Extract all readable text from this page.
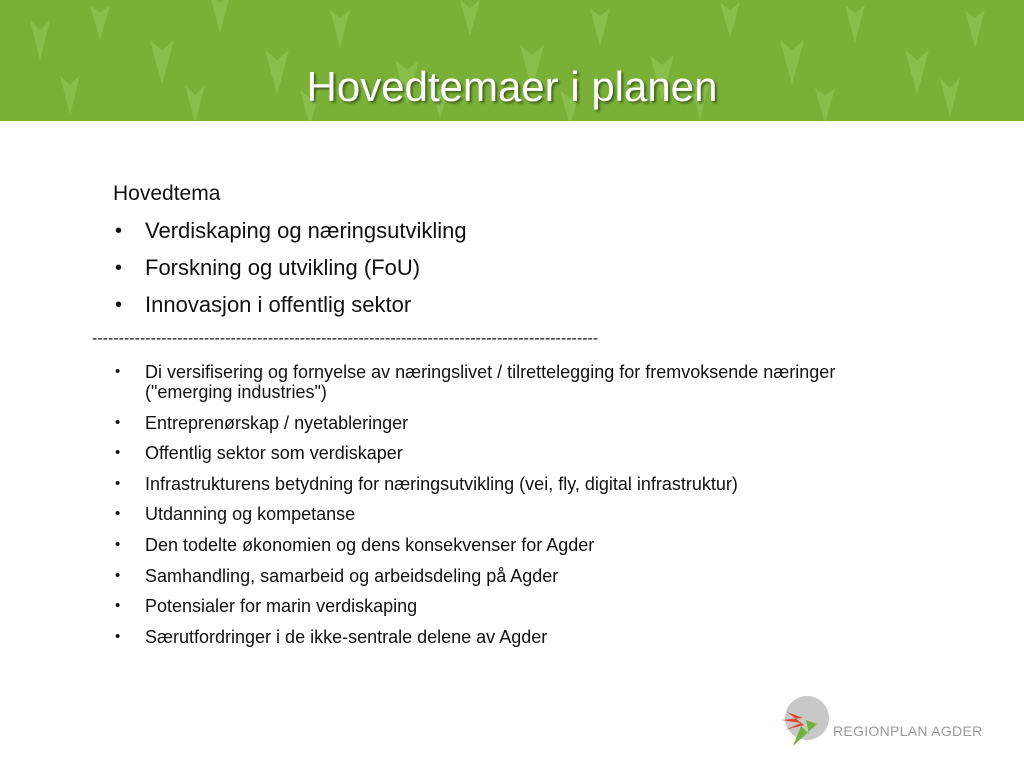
Hovedtemaer i planen
Hovedtema
• Verdiskaping og næringsutvikling
• Forskning og utvikling (FoU)
• Innovasjon i offentlig sektor
-----------------------------------------------------------------------------------------------
• Di versifisering og fornyelse av næringslivet / tilrettelegging for fremvoksende næringer ("emerging industries")
• Entreprenørskap / nyetableringer
• Offentlig sektor som verdiskaper
• Infrastrukturens betydning for næringsutvikling (vei, fly, digital infrastruktur)
• Utdanning og kompetanse
• Den todelte økonomien og dens konsekvenser for Agder
• Samhandling, samarbeid og arbeidsdeling på Agder
• Potensialer for marin verdiskaping
• Særutfordringer i de ikke-sentrale delene av Agder
REGIONPLAN AGDER
